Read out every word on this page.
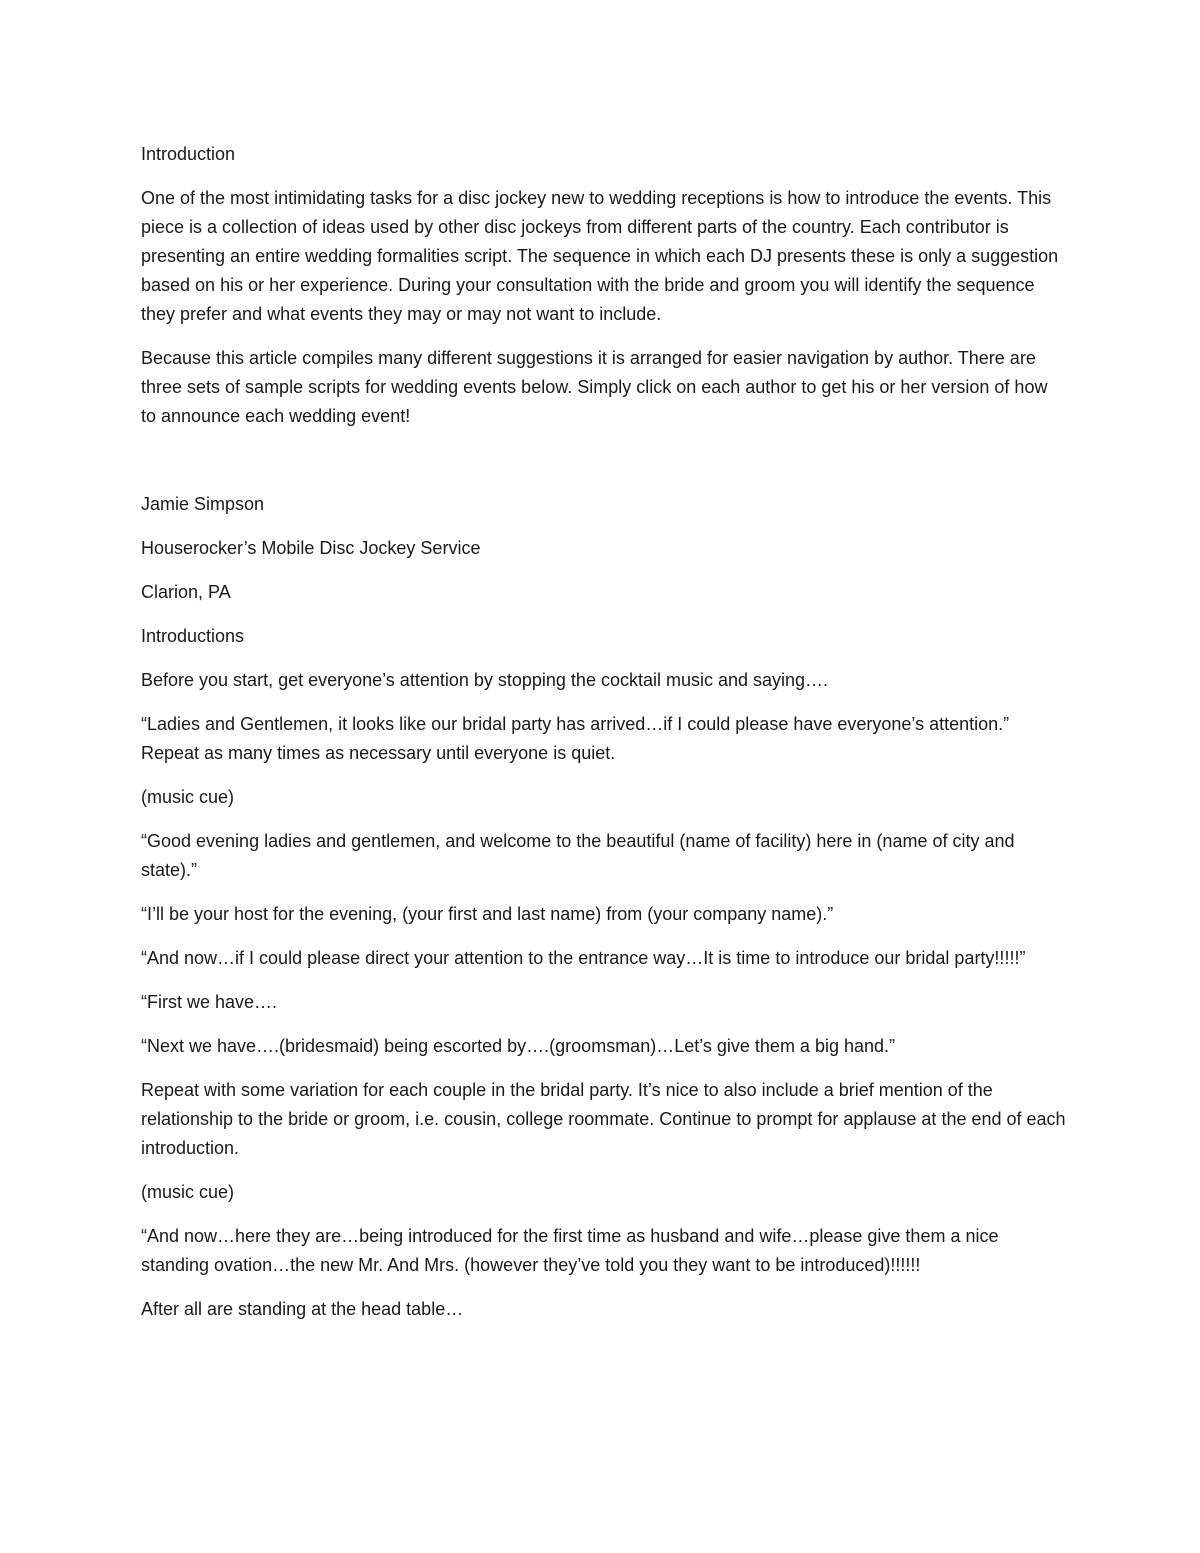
Introduction

One of the most intimidating tasks for a disc jockey new to wedding receptions is how to introduce the events. This piece is a collection of ideas used by other disc jockeys from different parts of the country. Each contributor is presenting an entire wedding formalities script. The sequence in which each DJ presents these is only a suggestion based on his or her experience. During your consultation with the bride and groom you will identify the sequence they prefer and what events they may or may not want to include.

Because this article compiles many different suggestions it is arranged for easier navigation by author. There are three sets of sample scripts for wedding events below. Simply click on each author to get his or her version of how to announce each wedding event!

Jamie Simpson

Houserocker’s Mobile Disc Jockey Service

Clarion, PA

Introductions

Before you start, get everyone’s attention by stopping the cocktail music and saying….

“Ladies and Gentlemen, it looks like our bridal party has arrived…if I could please have everyone’s attention.” Repeat as many times as necessary until everyone is quiet.

(music cue)

“Good evening ladies and gentlemen, and welcome to the beautiful (name of facility) here in (name of city and state).”

“I’ll be your host for the evening, (your first and last name) from (your company name).”

“And now…if I could please direct your attention to the entrance way…It is time to introduce our bridal party!!!!!”

“First we have….

“Next we have….(bridesmaid) being escorted by….(groomsman)…Let’s give them a big hand.”

Repeat with some variation for each couple in the bridal party. It’s nice to also include a brief mention of the relationship to the bride or groom, i.e. cousin, college roommate. Continue to prompt for applause at the end of each introduction.

(music cue)

“And now…here they are…being introduced for the first time as husband and wife…please give them a nice standing ovation…the new Mr. And Mrs. (however they’ve told you they want to be introduced)!!!!!!

After all are standing at the head table…
